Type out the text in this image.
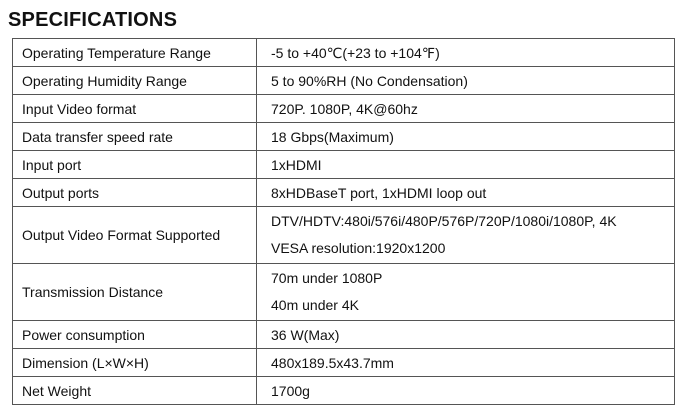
SPECIFICATIONS
Operating Temperature Range	-5 to +40℃(+23 to +104℉)
Operating Humidity Range	5 to 90%RH (No Condensation)
Input Video format	720P. 1080P, 4K@60hz
Data transfer speed rate	18 Gbps(Maximum)
Input port	1xHDMI
Output ports	8xHDBaseT port, 1xHDMI loop out
Output Video Format Supported	DTV/HDTV:480i/576i/480P/576P/720P/1080i/1080P, 4K
VESA resolution:1920x1200

Transmission Distance	70m under 1080P
40m under 4K

Power consumption	36 W(Max)
Dimension (L×W×H)	480x189.5x43.7mm
Net Weight	1700g
